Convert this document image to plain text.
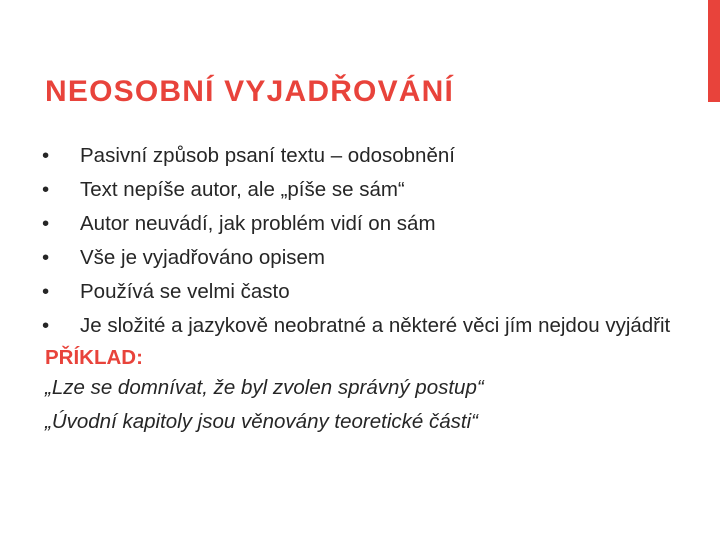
NEOSOBNÍ VYJADŘOVÁNÍ
•	Pasivní způsob psaní textu – odosobnění
•	Text nepíše autor, ale „píše se sám“
•	Autor neuvádí, jak problém vidí on sám
•	Vše je vyjadřováno opisem
•	Používá se velmi často
•	Je složité a jazykově neobratné a některé věci jím nejdou vyjádřit
PŘÍKLAD:
„Lze se domnívat, že byl zvolen správný postup“
„Úvodní kapitoly jsou věnovány teoretické části“
